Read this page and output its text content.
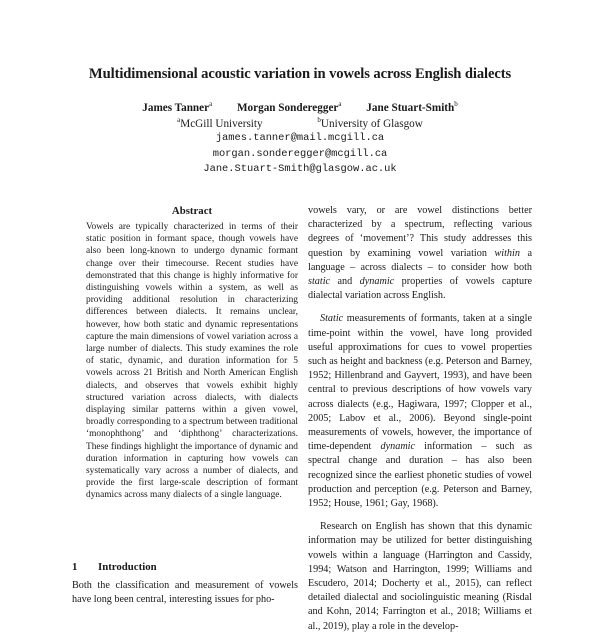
Multidimensional acoustic variation in vowels across English dialects
James Tanner$^a$ Morgan Sonderegger$^a$ Jane Stuart-Smith$^b$
$^a$McGill University	$^b$University of Glasgow
james.tanner@mail.mcgill.ca
morgan.sonderegger@mcgill.ca
Jane.Stuart-Smith@glasgow.ac.uk
Abstract
Vowels are typically characterized in terms of their static position in formant space, though vowels have also been long-known to undergo dynamic formant change over their timecourse. Recent studies have demonstrated that this change is highly informative for distinguishing vowels within a system, as well as providing additional resolution in characterizing differences between dialects. It remains unclear, however, how both static and dynamic representations capture the main dimensions of vowel variation across a large number of dialects. This study examines the role of static, dynamic, and duration information for 5 vowels across 21 British and North American English dialects, and observes that vowels exhibit highly structured variation across dialects, with dialects displaying similar patterns within a given vowel, broadly corresponding to a spectrum between traditional ‘monophthong’ and ‘diphthong’ characterizations. These findings highlight the importance of dynamic and duration information in capturing how vowels can systematically vary across a number of dialects, and provide the first large-scale description of formant dynamics across many dialects of a single language.
1 Introduction
Both the classification and measurement of vowels have long been central, interesting issues for pho-

vowels vary, or are vowel distinctions better characterized by a spectrum, reflecting various degrees of ‘movement’? This study addresses this question by examining vowel variation within a language – across dialects – to consider how both static and dynamic properties of vowels capture dialectal variation across English.

Static measurements of formants, taken at a single time-point within the vowel, have long provided useful approximations for cues to vowel properties such as height and backness (e.g. Peterson and Barney, 1952; Hillenbrand and Gayvert, 1993), and have been central to previous descriptions of how vowels vary across dialects (e.g., Hagiwara, 1997; Clopper et al., 2005; Labov et al., 2006). Beyond single-point measurements of vowels, however, the importance of time-dependent dynamic information – such as spectral change and duration – has also been recognized since the earliest phonetic studies of vowel production and perception (e.g. Peterson and Barney, 1952; House, 1961; Gay, 1968).

Research on English has shown that this dynamic information may be utilized for better distinguishing vowels within a language (Harrington and Cassidy, 1994; Watson and Harrington, 1999; Williams and Escudero, 2014; Docherty et al., 2015), can reflect detailed dialectal and sociolinguistic meaning (Risdal and Kohn, 2014; Farrington et al., 2018; Williams et al., 2019), play a role in the develop-
